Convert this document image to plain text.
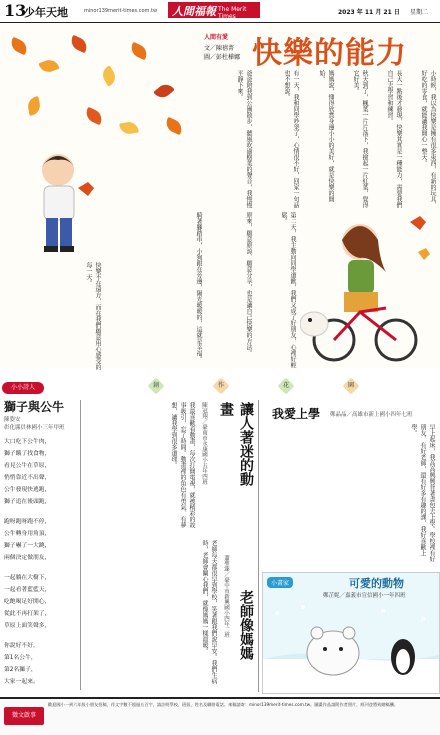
13
少年天地	minor139merit-times.com.tw 人間福報 The Merit Times
2023 年 11 月 21 日 星期二
人間有愛
文／陳禧菁
圖／彭杜樺娜 快樂的能力
小時候，我以為快樂是擁有很多東西，有新的玩具、好吃的零食，就能讓我開心一整天。
長大一點後才發現，快樂其實是一種能力，需要我們自己去學習和練習。
秋天到了，楓葉一片片落下，我撿起一片紅葉，覺得它好美。
媽媽說，懂得欣賞身邊小小的美好，就是快樂的開始。
有一天，我和同學吵架了，心情很不好，回家一句話也不想說。
爸爸陪我到公園散步，聽風吹過樹葉的聲音，我慢慢平靜下來。
第二天，我主動向同學道歉，我們又成了好朋友，心裡好輕鬆。
原來，願意原諒、願意分享，也是讓自己快樂的方法。
騎著腳踏車，小狗跟在旁邊，陽光暖暖的，這就是幸福。
快樂不在遠方，而在我們願意用心感受的每一天。
小小詩人	創	作	花	園
獅子與公牛
陳姿安
彰化縣員林國小三年甲班
大口吃下公牛肉，
獅子餓了找食物，
看見公牛在草原，
悄悄靠近不出聲，
公牛發現快逃跑，
獅子追在後頭跑，
跑呀跑呀跑不停，
公牛轉身用角頂，
獅子嚇了一大跳，
兩個決定做朋友，
一起躺在大樹下，
一起看著藍藍天，
吃飽喝足好開心，
從此不再打架了，
草原上面笑聲多，
你說好不好，
第1名公牛，
第2名獅子，
大家一起來。
讓人著迷的動畫
陳冠翔／臺南市永康國小五年四班
我最喜歡看動畫，每次打開電視，就被精彩的故事吸引，忘了時間。動畫裡的角色有勇氣、有夢想，讓我學到很多道理。
老師像媽媽
蕭聖臻／臺中市新興國小四年二班
老師每天都很早到學校，笑著跟我們說早安。我們生病時，老師會關心我們，就像媽媽一樣溫暖。
我愛上學 鄭晶晶／高雄市新上國小四年七班
早上起床，我高高興興背著書包去上學。學校裡有好朋友、有好老師，還有好多有趣的課，我好喜歡上學。
小畫家	可愛的動物
鄭芷妮／嘉義市宣信國小一年四班
徵文啟事
歡迎國小一到六年級小朋友投稿，作文字數不超過五百字，請註明學校、班級、姓名及聯絡電話。來稿請寄：minor139merit-times.com.tw。圖畫作品請附作者照片，經刊登將致贈稿酬。
